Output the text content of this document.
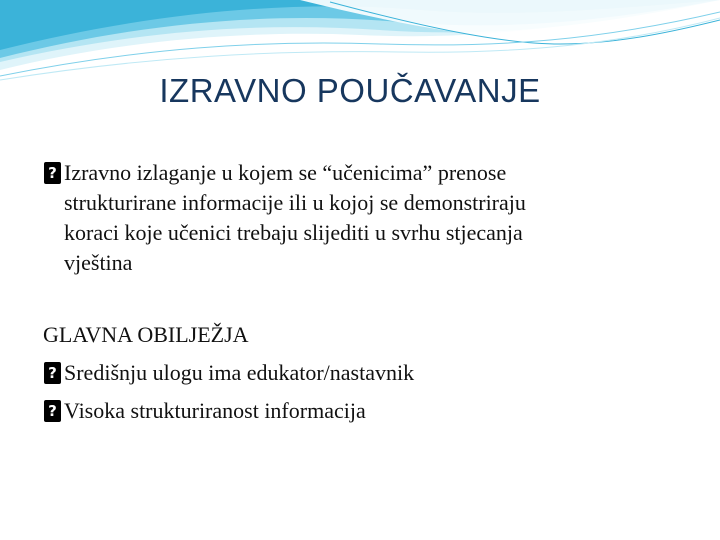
IZRAVNO POUČAVANJE
?
Izravno izlaganje u kojem se “učenicima” prenose
strukturirane informacije ili u kojoj se demonstriraju
koraci koje učenici trebaju slijediti u svrhu stjecanja
vještina
GLAVNA OBILJEŽJA
?
Središnju ulogu ima edukator/nastavnik
?
Visoka strukturiranost informacija
